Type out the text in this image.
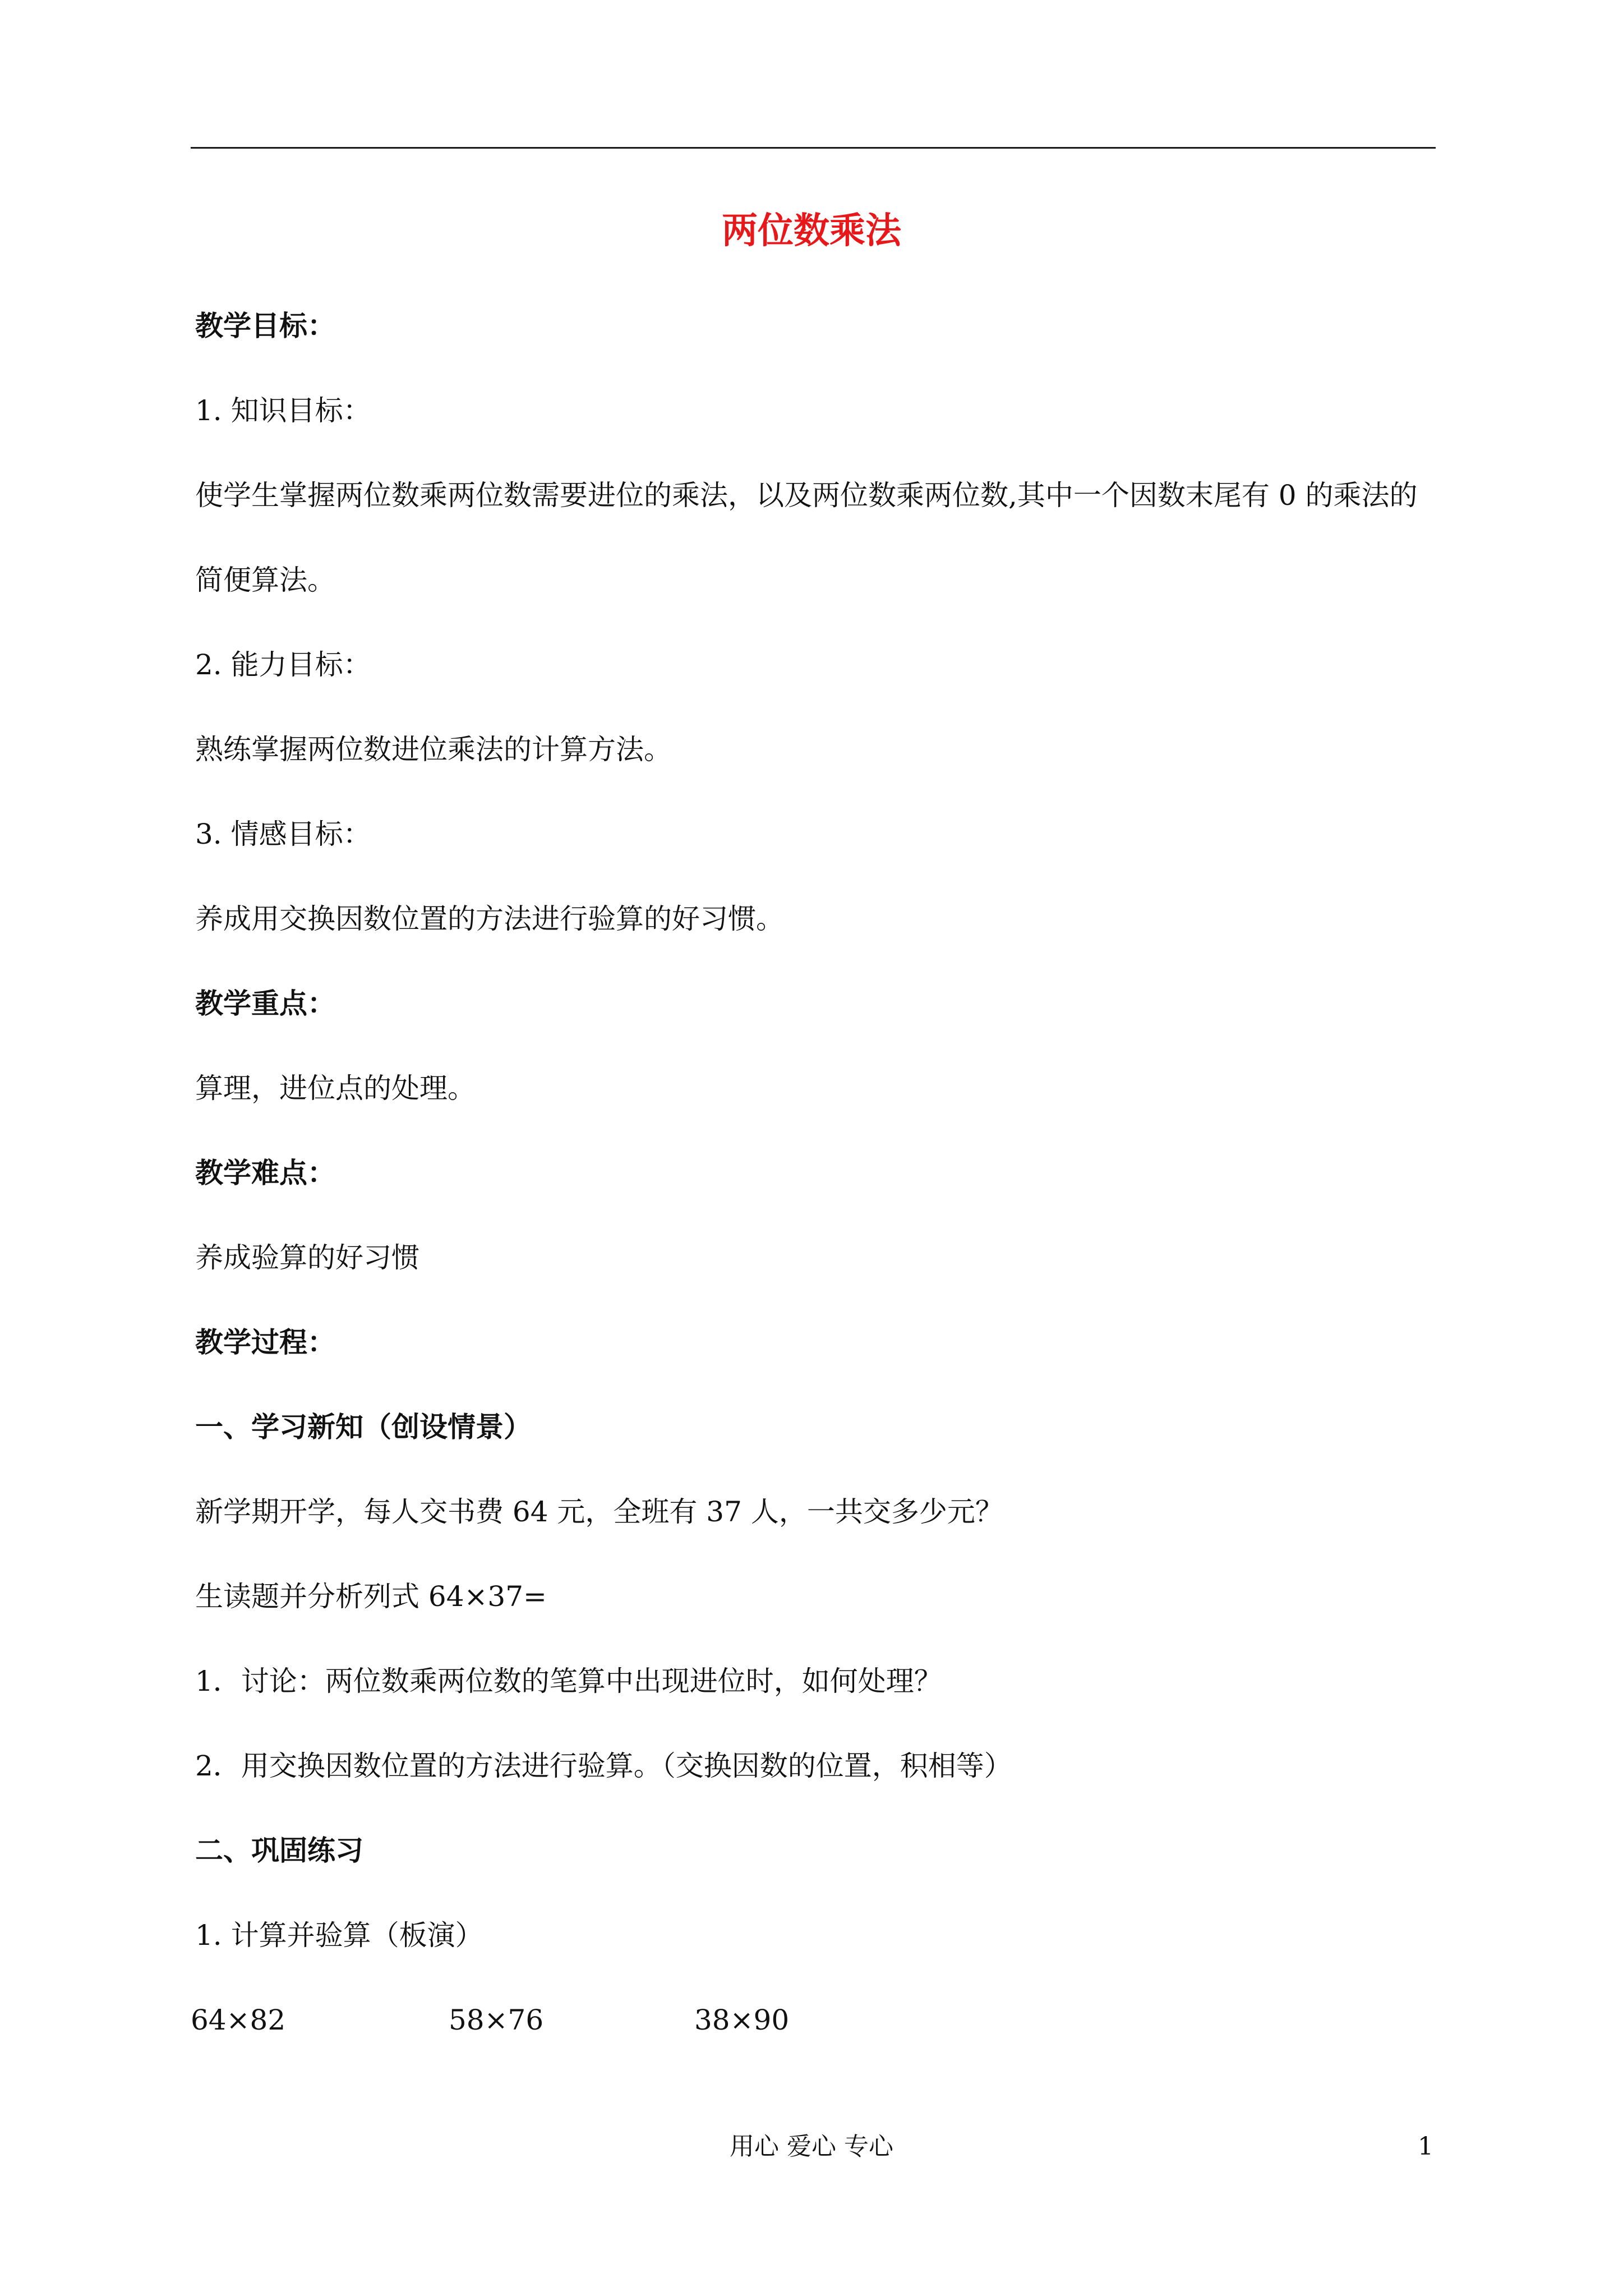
两位数乘法
教学目标：
1. 知识目标：
使学生掌握两位数乘两位数需要进位的乘法，以及两位数乘两位数,其中一个因数末尾有 0 的乘法的
简便算法。
2. 能力目标：
熟练掌握两位数进位乘法的计算方法。
3. 情感目标：
养成用交换因数位置的方法进行验算的好习惯。
教学重点：
算理，进位点的处理。
教学难点：
养成验算的好习惯
教学过程：
一、学习新知（创设情景）
新学期开学，每人交书费 64 元，全班有 37 人，一共交多少元？
生读题并分析列式 64×37=
1．讨论：两位数乘两位数的笔算中出现进位时，如何处理？
2．用交换因数位置的方法进行验算。（交换因数的位置，积相等）
二、巩固练习
1. 计算并验算（板演）
64×82	58×76	38×90
用心 爱心 专心	1
